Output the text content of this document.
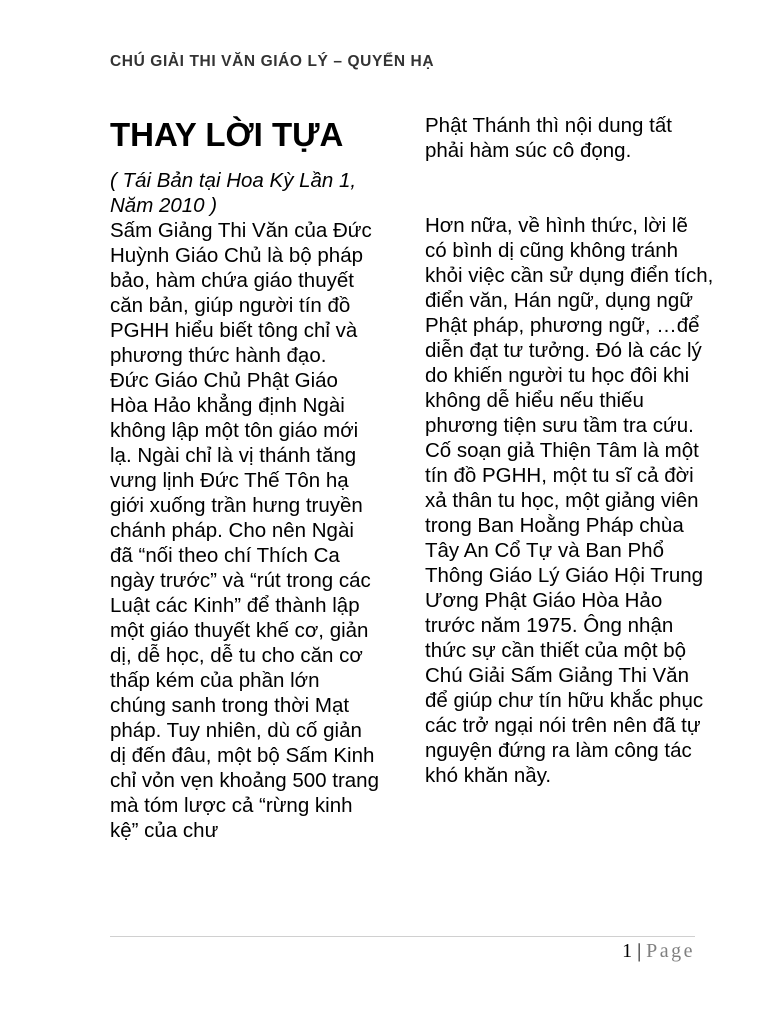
CHÚ GIẢI THI VĂN GIÁO LÝ – QUYỂN HẠ
THAY LỜI TỰA

( Tái Bản tại Hoa Kỳ Lần 1, Năm 2010 )

Sấm Giảng Thi Văn của Đức Huỳnh Giáo Chủ là bộ pháp bảo, hàm chứa giáo thuyết căn bản, giúp người tín đồ PGHH hiểu biết tông chỉ và phương thức hành đạo.

Đức Giáo Chủ Phật Giáo Hòa Hảo khẳng định Ngài không lập một tôn giáo mới lạ. Ngài chỉ là vị thánh tăng vưng lịnh Đức Thế Tôn hạ giới xuống trần hưng truyền chánh pháp. Cho nên Ngài đã “nối theo chí Thích Ca ngày trước” và “rút trong các Luật các Kinh” để thành lập một giáo thuyết khế cơ, giản dị, dễ học, dễ tu cho căn cơ thấp kém của phần lớn chúng sanh trong thời Mạt pháp. Tuy nhiên, dù cố giản dị đến đâu, một bộ Sấm Kinh chỉ vỏn vẹn khoảng 500 trang mà tóm lược cả “rừng kinh kệ” của chư

Phật Thánh thì nội dung tất phải hàm súc cô đọng.

Hơn nữa, về hình thức, lời lẽ có bình dị cũng không tránh khỏi việc cần sử dụng điển tích, điển văn, Hán ngữ, dụng ngữ Phật pháp, phương ngữ, …để diễn đạt tư tưởng. Đó là các lý do khiến người tu học đôi khi không dễ hiểu nếu thiếu phương tiện sưu tầm tra cứu.

Cố soạn giả Thiện Tâm là một tín đồ PGHH, một tu sĩ cả đời xả thân tu học, một giảng viên trong Ban Hoằng Pháp chùa Tây An Cổ Tự và Ban Phổ Thông Giáo Lý Giáo Hội Trung Ương Phật Giáo Hòa Hảo trước năm 1975. Ông nhận thức sự cần thiết của một bộ Chú Giải Sấm Giảng Thi Văn để giúp chư tín hữu khắc phục các trở ngại nói trên nên đã tự nguyện đứng ra làm công tác khó khăn nầy.

1 | Page
